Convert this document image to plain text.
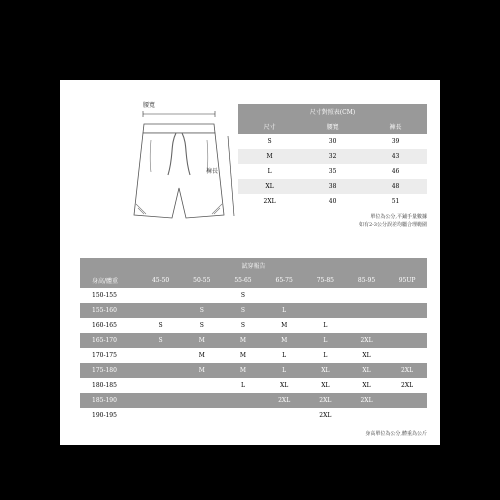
腰寬
褲長
尺寸對照表(CM)		
尺寸	腰寬	褲長
S	30	39
M	32	43
L	35	46
XL	38	48
2XL	40	51
單位為公分,平鋪手量數據
如有2-3公分誤差均屬合理範圍
試穿報告							
身高/體重	45-50	50-55	55-65	65-75	75-85	85-95	95UP
150-155			S				
155-160		S	S	L			
160-165	S	S	S	M	L		
165-170	S	M	M	M	L	2XL	
170-175		M	M	L	L	XL	
175-180		M	M	L	XL	XL	2XL
180-185			L	XL	XL	XL	2XL
185-190				2XL	2XL	2XL	
190-195					2XL		
身高單位為公分,體重為公斤
